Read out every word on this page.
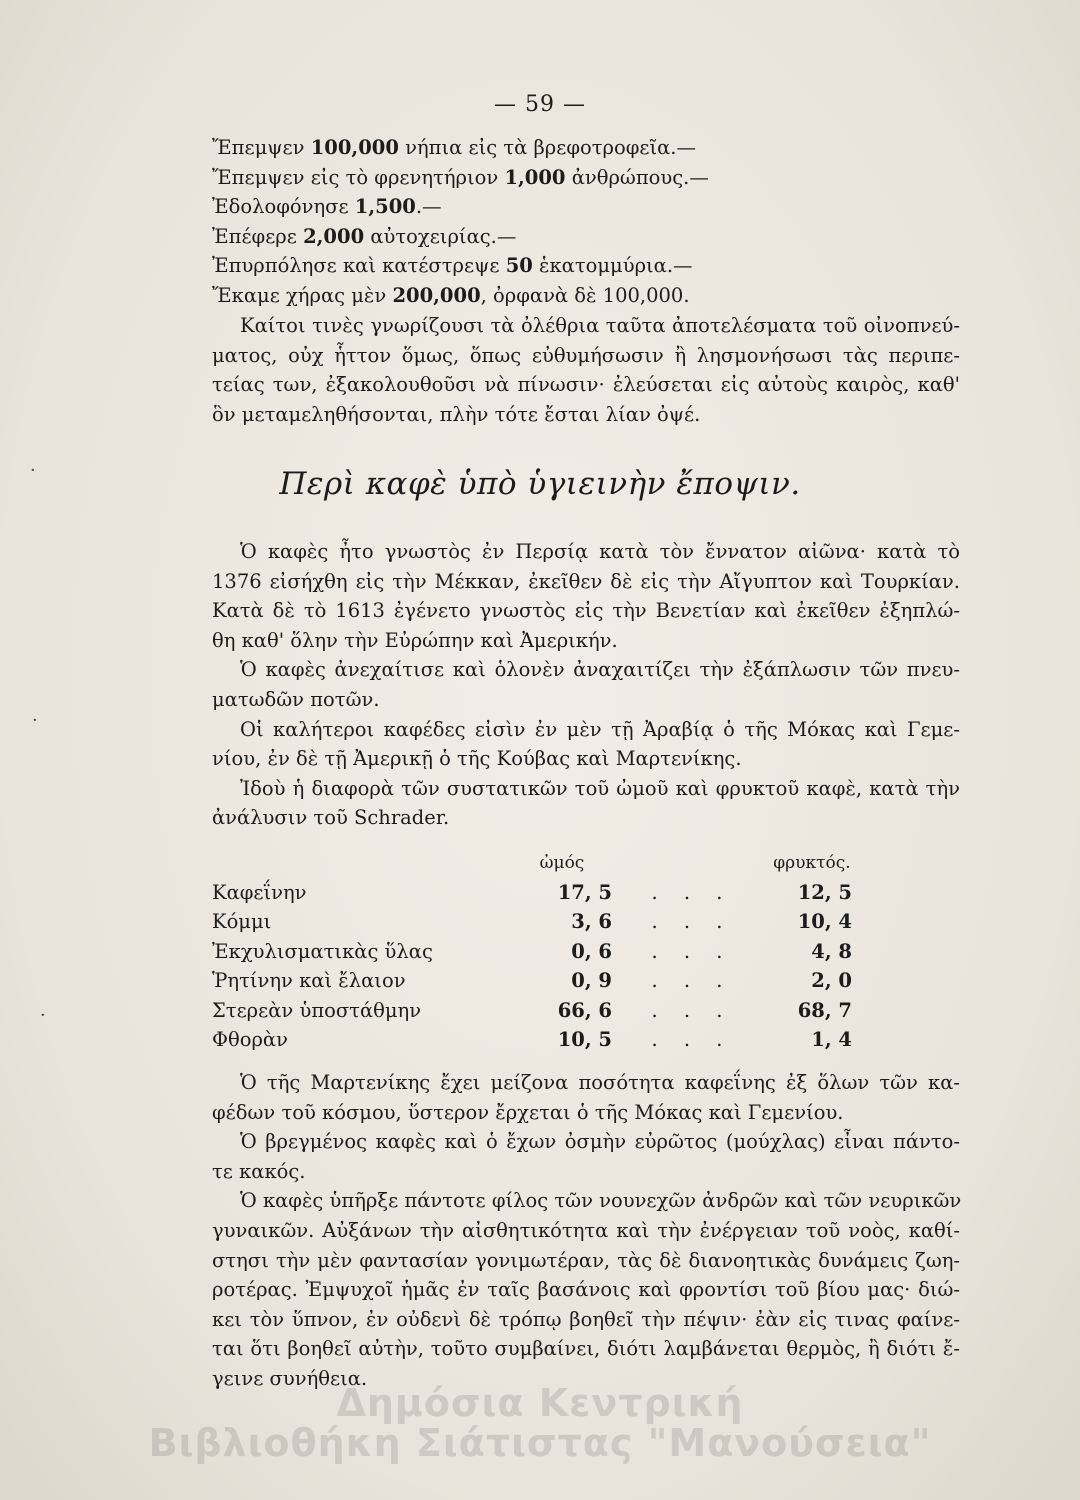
— 59 —
Ἔπεμψεν 100,000 νήπια εἰς τὰ βρεφοτροφεῖα.—
Ἔπεμψεν εἰς τὸ φρενητήριον 1,000 ἀνθρώπους.—
Ἐδολοφόνησε 1,500.—
Ἐπέφερε 2,000 αὐτοχειρίας.—
Ἐπυρπόλησε καὶ κατέστρεψε 50 ἑκατομμύρια.—
Ἔκαμε χήρας μὲν 200,000, ὀρφανὰ δὲ 100,000.
Καίτοι τινὲς γνωρίζουσι τὰ ὀλέθρια ταῦτα ἀποτελέσματα τοῦ οἰνοπνεύ-
ματος, οὐχ ἧττον ὅμως, ὅπως εὐθυμήσωσιν ἢ λησμονήσωσι τὰς περιπε-
τείας των, ἐξακολουθοῦσι νὰ πίνωσιν· ἐλεύσεται εἰς αὐτοὺς καιρὸς, καθ'
ὃν μεταμεληθήσονται, πλὴν τότε ἔσται λίαν ὀψέ.
Περὶ καφὲ ὑπὸ ὑγιεινὴν ἔποψιν.
Ὁ καφὲς ἦτο γνωστὸς ἐν Περσίᾳ κατὰ τὸν ἔννατον αἰῶνα· κατὰ τὸ
1376 εἰσήχθη εἰς τὴν Μέκκαν, ἐκεῖθεν δὲ εἰς τὴν Αἴγυπτον καὶ Τουρκίαν.
Κατὰ δὲ τὸ 1613 ἐγένετο γνωστὸς εἰς τὴν Βενετίαν καὶ ἐκεῖθεν ἐξηπλώ-
θη καθ' ὅλην τὴν Εὐρώπην καὶ Ἀμερικήν.
Ὁ καφὲς ἀνεχαίτισε καὶ ὁλονὲν ἀναχαιτίζει τὴν ἐξάπλωσιν τῶν πνευ-
ματωδῶν ποτῶν.
Οἱ καλήτεροι καφέδες εἰσὶν ἐν μὲν τῇ Ἀραβίᾳ ὁ τῆς Μόκας καὶ Γεμε-
νίου, ἐν δὲ τῇ Ἀμερικῇ ὁ τῆς Κούβας καὶ Μαρτενίκης.
Ἰδοὺ ἡ διαφορὰ τῶν συστατικῶν τοῦ ὠμοῦ καὶ φρυκτοῦ καφὲ, κατὰ τὴν
ἀνάλυσιν τοῦ Schrader.
	ὠμός		φρυκτός.
Καφεΐνην	17, 5	. . .	12, 5
Κόμμι	3, 6	. . .	10, 4
Ἐκχυλισματικὰς ὕλας	0, 6	. . .	4, 8
Ῥητίνην καὶ ἔλαιον	0, 9	. . .	2, 0
Στερεὰν ὑποστάθμην	66, 6	. . .	68, 7
Φθορὰν	10, 5	. . .	1, 4
Ὁ τῆς Μαρτενίκης ἔχει μείζονα ποσότητα καφεΐνης ἐξ ὅλων τῶν κα-
φέδων τοῦ κόσμου, ὕστερον ἔρχεται ὁ τῆς Μόκας καὶ Γεμενίου.
Ὁ βρεγμένος καφὲς καὶ ὁ ἔχων ὀσμὴν εὐρῶτος (μούχλας) εἶναι πάντο-
τε κακός.
Ὁ καφὲς ὑπῆρξε πάντοτε φίλος τῶν νουνεχῶν ἀνδρῶν καὶ τῶν νευρικῶν
γυναικῶν. Αὐξάνων τὴν αἰσθητικότητα καὶ τὴν ἐνέργειαν τοῦ νοὸς, καθί-
στησι τὴν μὲν φαντασίαν γονιμωτέραν, τὰς δὲ διανοητικὰς δυνάμεις ζωη-
ροτέρας. Ἐμψυχοῖ ἡμᾶς ἐν ταῖς βασάνοις καὶ φροντίσι τοῦ βίου μας· διώ-
κει τὸν ὕπνον, ἐν οὐδενὶ δὲ τρόπῳ βοηθεῖ τὴν πέψιν· ἐὰν εἰς τινας φαίνε-
ται ὅτι βοηθεῖ αὐτὴν, τοῦτο συμβαίνει, διότι λαμβάνεται θερμὸς, ἢ διότι ἔ-
γεινε συνήθεια.
Δημόσια Κεντρική
Βιβλιοθήκη Σιάτιστας "Μανούσεια"
·
·
·
